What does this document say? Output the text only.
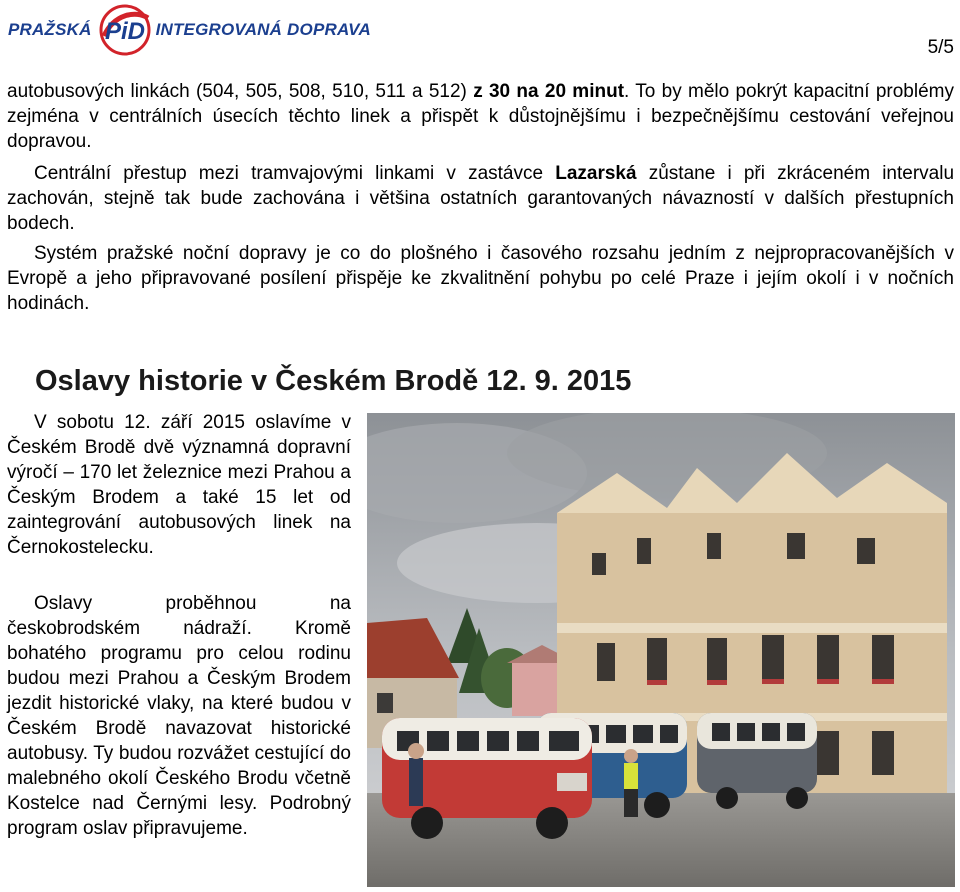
PRAŽSKÁ PiD INTEGROVANÁ DOPRAVA
5/5

autobusových linkách (504, 505, 508, 510, 511 a 512) z 30 na 20 minut. To by mělo pokrýt kapacitní problémy zejména v centrálních úsecích těchto linek a přispět k důstojnějšímu i bezpečnějšímu cestování veřejnou dopravou.

Centrální přestup mezi tramvajovými linkami v zastávce Lazarská zůstane i při zkráceném intervalu zachován, stejně tak bude zachována i většina ostatních garantovaných návazností v dalších přestupních bodech.

Systém pražské noční dopravy je co do plošného i časového rozsahu jedním z nejpropracovanějších v Evropě a jeho připravované posílení přispěje ke zkvalitnění pohybu po celé Praze i jejím okolí i v nočních hodinách.

Oslavy historie v Českém Brodě 12. 9. 2015

V sobotu 12. září 2015 oslavíme v Českém Brodě dvě významná dopravní výročí – 170 let železnice mezi Prahou a Českým Brodem a také 15 let od zaintegrování autobusových linek na Černokostelecku.

Oslavy proběhnou na českobrodském nádraží. Kromě bohatého programu pro celou rodinu budou mezi Prahou a Českým Brodem jezdit historické vlaky, na které budou v Českém Brodě navazovat historické autobusy. Ty budou rozvážet cestující do malebného okolí Českého Brodu včetně Kostelce nad Černými lesy. Podrobný program oslav připravujeme.
